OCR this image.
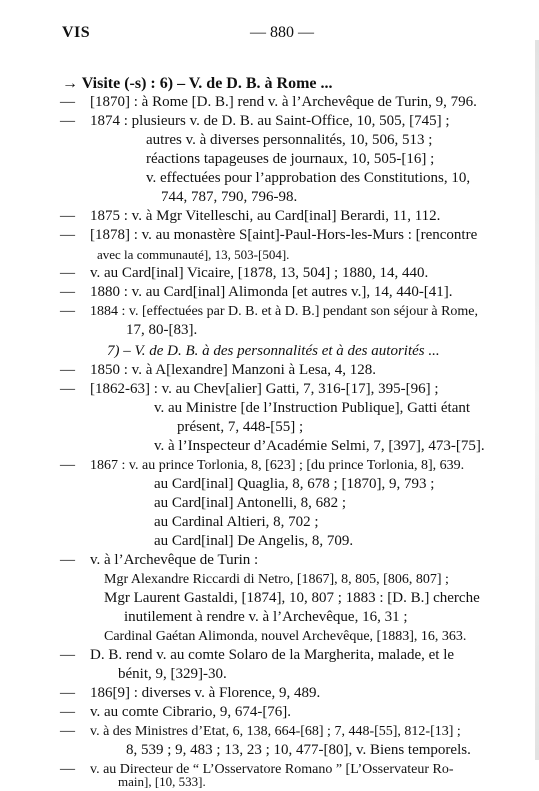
VIS	— 880 —
→ Visite (-s) : 6) – V. de D. B. à Rome ...
— [1870] : à Rome [D. B.] rend v. à l’Archevêque de Turin, 9, 796.
— 1874 : plusieurs v. de D. B. au Saint-Office, 10, 505, [745] ;
autres v. à diverses personnalités, 10, 506, 513 ;
réactions tapageuses de journaux, 10, 505-[16] ;
v. effectuées pour l’approbation des Constitutions, 10,
744, 787, 790, 796-98.
— 1875 : v. à Mgr Vitelleschi, au Card[inal] Berardi, 11, 112.
— [1878] : v. au monastère S[aint]-Paul-Hors-les-Murs : [rencontre
avec la communauté], 13, 503-[504].
— v. au Card[inal] Vicaire, [1878, 13, 504] ; 1880, 14, 440.
— 1880 : v. au Card[inal] Alimonda [et autres v.], 14, 440-[41].
— 1884 : v. [effectuées par D. B. et à D. B.] pendant son séjour à Rome,
17, 80-[83].
7) – V. de D. B. à des personnalités et à des autorités ...
— 1850 : v. à A[lexandre] Manzoni à Lesa, 4, 128.
— [1862-63] : v. au Chev[alier] Gatti, 7, 316-[17], 395-[96] ;
v. au Ministre [de l’Instruction Publique], Gatti étant
présent, 7, 448-[55] ;
v. à l’Inspecteur d’Académie Selmi, 7, [397], 473-[75].
— 1867 : v. au prince Torlonia, 8, [623] ; [du prince Torlonia, 8], 639.
au Card[inal] Quaglia, 8, 678 ; [1870], 9, 793 ;
au Card[inal] Antonelli, 8, 682 ;
au Cardinal Altieri, 8, 702 ;
au Card[inal] De Angelis, 8, 709.
— v. à l’Archevêque de Turin :
Mgr Alexandre Riccardi di Netro, [1867], 8, 805, [806, 807] ;
Mgr Laurent Gastaldi, [1874], 10, 807 ; 1883 : [D. B.] cherche
inutilement à rendre v. à l’Archevêque, 16, 31 ;
Cardinal Gaétan Alimonda, nouvel Archevêque, [1883], 16, 363.
— D. B. rend v. au comte Solaro de la Margherita, malade, et le
bénit, 9, [329]-30.
— 186[9] : diverses v. à Florence, 9, 489.
— v. au comte Cibrario, 9, 674-[76].
— v. à des Ministres d’Etat, 6, 138, 664-[68] ; 7, 448-[55], 812-[13] ;
8, 539 ; 9, 483 ; 13, 23 ; 10, 477-[80], v. Biens temporels.
— v. au Directeur de “ L’Osservatore Romano ” [L’Osservateur Ro-
main], [10, 533].
